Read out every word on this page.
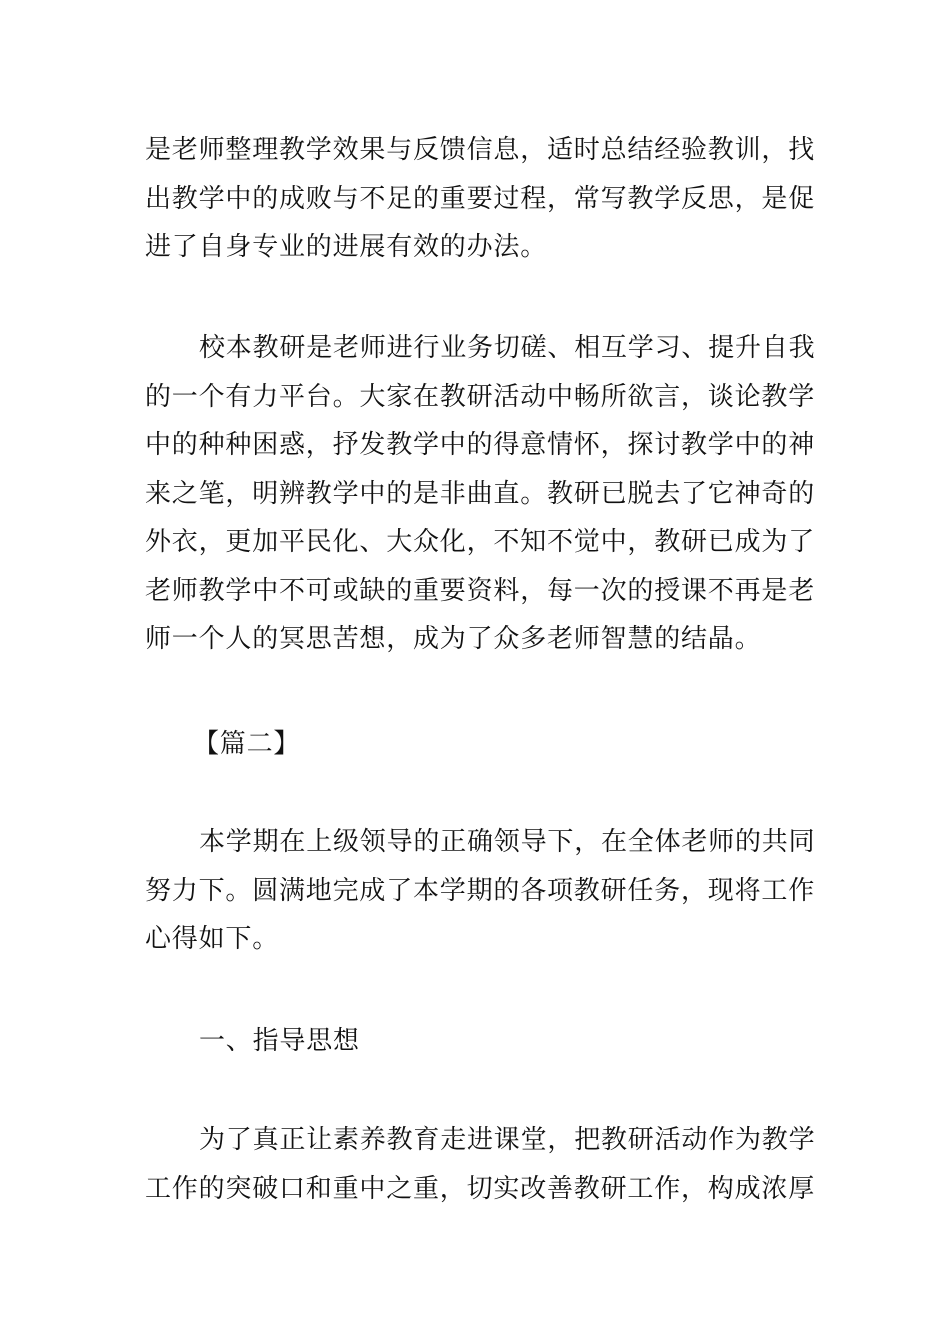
是老师整理教学效果与反馈信息，适时总结经验教训，找
出教学中的成败与不足的重要过程，常写教学反思，是促
进了自身专业的进展有效的办法。
校本教研是老师进行业务切磋、相互学习、提升自我
的一个有力平台。大家在教研活动中畅所欲言，谈论教学
中的种种困惑，抒发教学中的得意情怀，探讨教学中的神
来之笔，明辨教学中的是非曲直。教研已脱去了它神奇的
外衣，更加平民化、大众化，不知不觉中，教研已成为了
老师教学中不可或缺的重要资料，每一次的授课不再是老
师一个人的冥思苦想，成为了众多老师智慧的结晶。
【篇二】
本学期在上级领导的正确领导下，在全体老师的共同
努力下。圆满地完成了本学期的各项教研任务，现将工作
心得如下。
一、指导思想
为了真正让素养教育走进课堂，把教研活动作为教学
工作的突破口和重中之重，切实改善教研工作，构成浓厚
